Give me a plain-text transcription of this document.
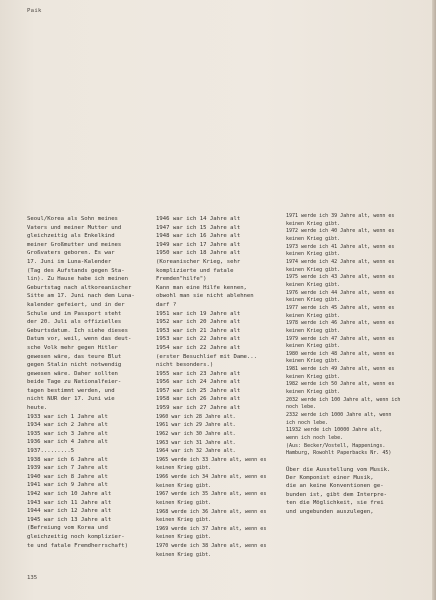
Paik
Seoul/Korea als Sohn meines
Vaters und meiner Mutter und
gleichzeitig als Enkelkind
meiner Großmutter und meines
Großvaters geboren. Es war
17. Juni im Luna-Kalender
(Tag des Aufstands gegen Sta-
lin). Zu Hause habe ich meinen
Geburtstag nach altkoreanischer
Sitte am 17. Juni nach dem Luna-
kalender gefeiert, und in der
Schule und im Passport steht
der 20. Juli als offizielles
Geburtsdatum. Ich siehe dieses
Datum vor, weil, wenn das deut-
sche Volk mehr gegen Hitler
gewesen wäre, das teure Blut
gegen Stalin nicht notwendig
gewesen wäre. Daher sollten
beide Tage zu Nationalfeier-
tagen bestimmt werden, und
nicht NUR der 17. Juni wie
heute.
1933 war ich 1 Jahre alt
1934 war ich 2 Jahre alt
1935 war ich 3 Jahre alt
1936 war ich 4 Jahre alt
1937.........5
1938 war ich 6 Jahre alt
1939 war ich 7 Jahre alt
1940 war ich 8 Jahre alt
1941 war ich 9 Jahre alt
1942 war ich 10 Jahre alt
1943 war ich 11 Jahre alt
1944 war ich 12 Jahre alt
1945 war ich 13 Jahre alt
(Befreiung vom Korea und
gleichzeitig noch komplizier-
te und fatale Fremdherrschaft)
1946 war ich 14 Jahre alt
1947 war ich 15 Jahre alt
1948 war ich 16 Jahre alt
1949 war ich 17 Jahre alt
1950 war ich 18 Jahre alt
(Koreanischer Krieg, sehr
komplizierte und fatale
Fremden"hilfe")
Kann man eine Hilfe kennen,
obwohl man sie nicht ablehnen
darf ?
1951 war ich 19 Jahre alt
1952 war ich 20 Jahre alt
1953 war ich 21 Jahre alt
1953 war ich 22 Jahre alt
1954 war ich 22 Jahre alt
(erster Besuchlief mit Dame...
nicht besonders.)
1955 war ich 23 Jahre alt
1956 war ich 24 Jahre alt
1957 war ich 25 Jahre alt
1958 war ich 26 Jahre alt
1959 war ich 27 Jahre alt
1960 war ich 28 Jahre alt.
1961 war ich 29 Jahre alt.
1962 war ich 30 Jahre alt.
1963 war ich 31 Jahre alt.
1964 war ich 32 Jahre alt.
1965 werde ich 33 Jahre alt, wenn es
keinen Krieg gibt.
1966 werde ich 34 Jahre alt, wenn es
keinen Krieg gibt.
1967 werde ich 35 Jahre alt, wenn es
keinen Krieg gibt.
1968 werde ich 36 Jahre alt, wenn es
keinen Krieg gibt.
1969 werde ich 37 Jahre alt, wenn es
keinen Krieg gibt.
1970 werde ich 38 Jahre alt, wenn es
keinen Krieg gibt.
1971 werde ich 39 Jahre alt, wenn es
keinen Krieg gibt.
1972 werde ich 40 Jahre alt, wenn es
keinen Krieg gibt.
1973 werde ich 41 Jahre alt, wenn es
keinen Krieg gibt.
1974 werde ich 42 Jahre alt, wenn es
keinen Krieg gibt.
1975 werde ich 43 Jahre alt, wenn es
keinen Krieg gibt.
1976 werde ich 44 Jahre alt, wenn es
keinen Krieg gibt.
1977 werde ich 45 Jahre alt, wenn es
keinen Krieg gibt.
1978 werde ich 46 Jahre alt, wenn es
keinen Krieg gibt.
1979 werde ich 47 Jahre alt, wenn es
keinen Krieg gibt.
1980 werde ich 48 Jahre alt, wenn es
keinen Krieg gibt.
1981 werde ich 49 Jahre alt, wenn es
keinen Krieg gibt.
1982 werde ich 50 Jahre alt, wenn es
keinen Krieg gibt.
2032 werde ich 100 Jahre alt, wenn ich
noch lebe.
2332 werde ich 1000 Jahre alt, wenn
ich noch lebe.
11932 werde ich 10000 Jahre alt,
wenn ich noch lebe.
(Aus: Becker/Vostell, Happenings.
Hamburg, Rowohlt Paperbacks Nr. 45)

Über die Ausstellung vom Musik.
Der Komponist einer Musik,
die an keine Konventionen ge-
bunden ist, gibt dem Interpre-
ten die Möglichkeit, sie frei
und ungebunden auszulegen,
135
